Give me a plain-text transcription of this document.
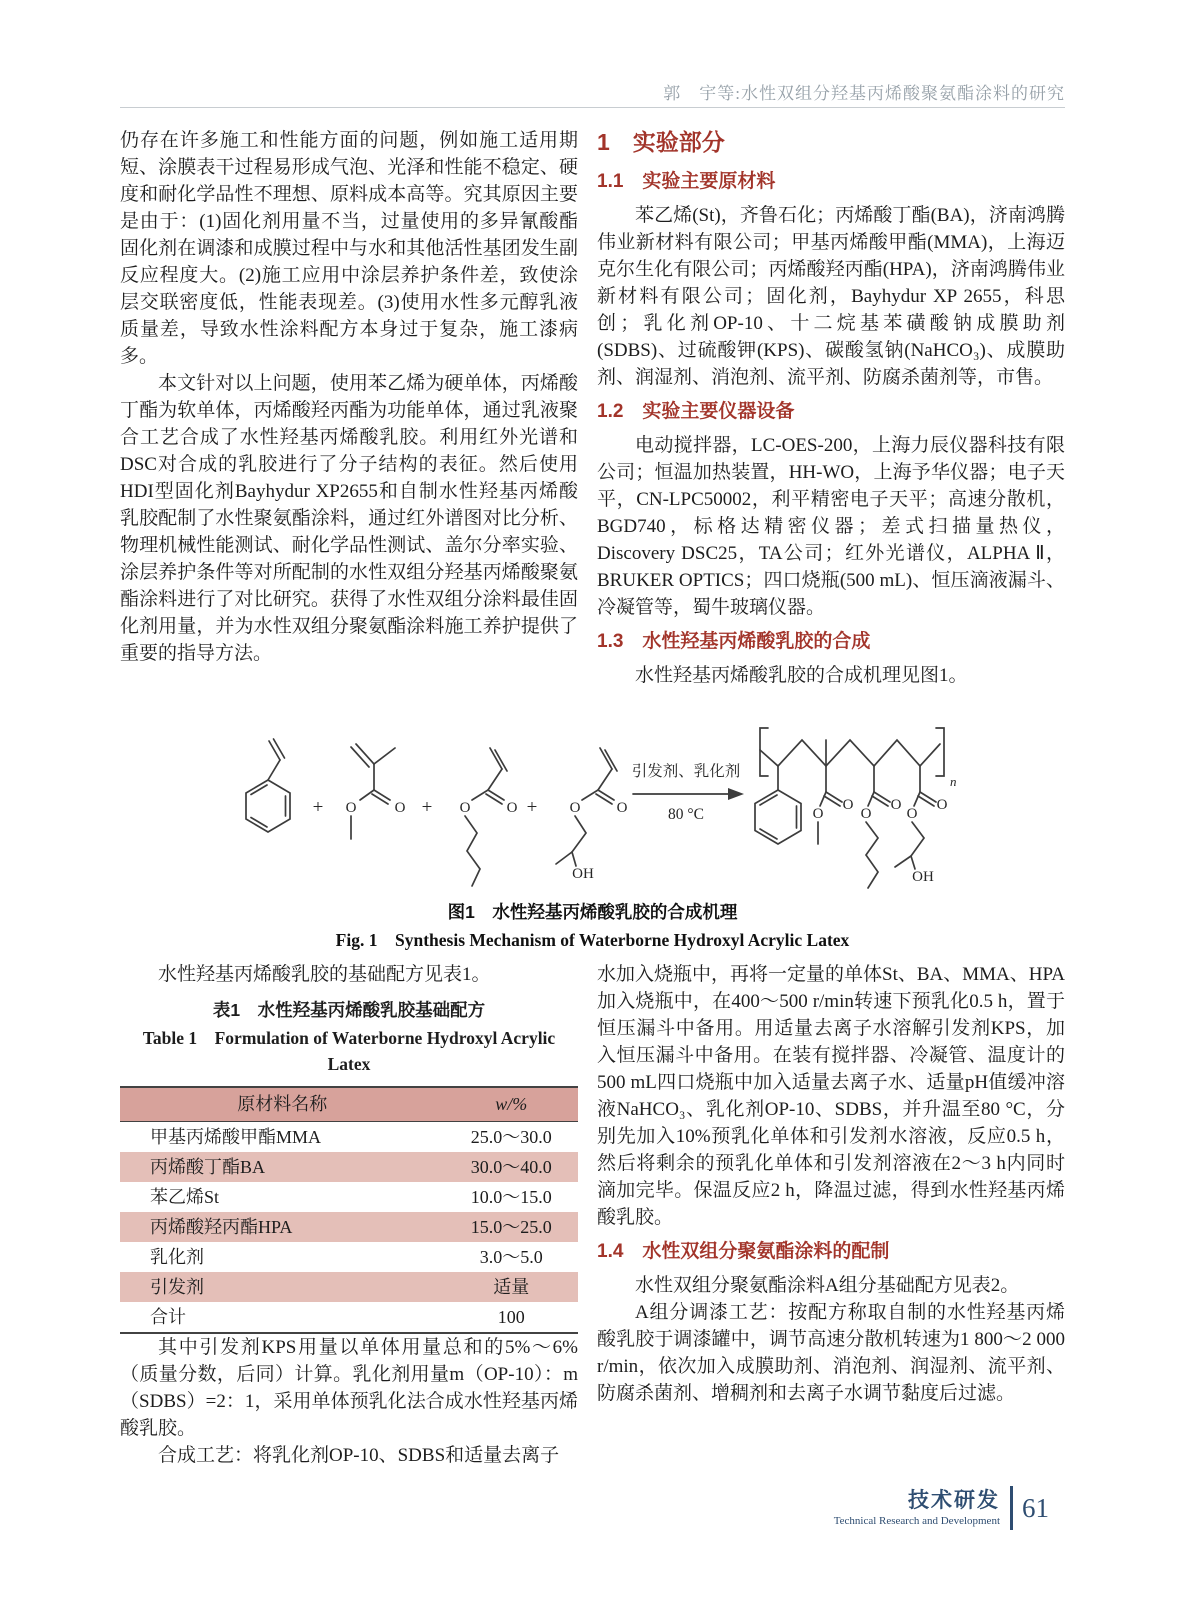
郭　宇等:水性双组分羟基丙烯酸聚氨酯涂料的研究

仍存在许多施工和性能方面的问题，例如施工适用期短、涂膜表干过程易形成气泡、光泽和性能不稳定、硬度和耐化学品性不理想、原料成本高等。究其原因主要是由于：(1)固化剂用量不当，过量使用的多异氰酸酯固化剂在调漆和成膜过程中与水和其他活性基团发生副反应程度大。(2)施工应用中涂层养护条件差，致使涂层交联密度低，性能表现差。(3)使用水性多元醇乳液质量差，导致水性涂料配方本身过于复杂，施工漆病多。

本文针对以上问题，使用苯乙烯为硬单体，丙烯酸丁酯为软单体，丙烯酸羟丙酯为功能单体，通过乳液聚合工艺合成了水性羟基丙烯酸乳胶。利用红外光谱和DSC对合成的乳胶进行了分子结构的表征。然后使用HDI型固化剂Bayhydur XP2655和自制水性羟基丙烯酸乳胶配制了水性聚氨酯涂料，通过红外谱图对比分析、物理机械性能测试、耐化学品性测试、盖尔分率实验、涂层养护条件等对所配制的水性双组分羟基丙烯酸聚氨酯涂料进行了对比研究。获得了水性双组分涂料最佳固化剂用量，并为水性双组分聚氨酯涂料施工养护提供了重要的指导方法。

1　实验部分
1.1　实验主要原材料

苯乙烯(St)，齐鲁石化；丙烯酸丁酯(BA)，济南鸿腾伟业新材料有限公司；甲基丙烯酸甲酯(MMA)，上海迈克尔生化有限公司；丙烯酸羟丙酯(HPA)，济南鸿腾伟业新材料有限公司；固化剂，Bayhydur XP 2655，科思创；乳化剂OP-10、十二烷基苯磺酸钠成膜助剂(SDBS)、过硫酸钾(KPS)、碳酸氢钠(NaHCO₃)、成膜助剂、润湿剂、消泡剂、流平剂、防腐杀菌剂等，市售。

1.2　实验主要仪器设备

电动搅拌器，LC-OES-200，上海力辰仪器科技有限公司；恒温加热装置，HH-WO，上海予华仪器；电子天平，CN-LPC50002，利平精密电子天平；高速分散机，BGD740，标格达精密仪器；差式扫描量热仪，Discovery DSC25，TA公司；红外光谱仪，ALPHA Ⅱ，BRUKER OPTICS；四口烧瓶(500 mL)、恒压滴液漏斗、冷凝管等，蜀牛玻璃仪器。

1.3　水性羟基丙烯酸乳胶的合成

水性羟基丙烯酸乳胶的合成机理见图1。

+ O	O + O O + O O
OH
引发剂、乳化剂
80 °C
n
O
O
O
O
O
O
OH
图1　水性羟基丙烯酸乳胶的合成机理
Fig. 1　Synthesis Mechanism of Waterborne Hydroxyl Acrylic Latex

水性羟基丙烯酸乳胶的基础配方见表1。

表1　水性羟基丙烯酸乳胶基础配方
Table 1　Formulation of Waterborne Hydroxyl Acrylic Latex
原材料名称	w/%
甲基丙烯酸甲酯MMA	25.0～30.0
丙烯酸丁酯BA	30.0～40.0
苯乙烯St	10.0～15.0
丙烯酸羟丙酯HPA	15.0～25.0
乳化剂	3.0～5.0
引发剂	适量
合计	100

其中引发剂KPS用量以单体用量总和的5%～6%（质量分数，后同）计算。乳化剂用量m（OP-10）：m（SDBS）=2：1，采用单体预乳化法合成水性羟基丙烯酸乳胶。

合成工艺：将乳化剂OP-10、SDBS和适量去离子

水加入烧瓶中，再将一定量的单体St、BA、MMA、HPA加入烧瓶中，在400～500 r/min转速下预乳化0.5 h，置于恒压漏斗中备用。用适量去离子水溶解引发剂KPS，加入恒压漏斗中备用。在装有搅拌器、冷凝管、温度计的500 mL四口烧瓶中加入适量去离子水、适量pH值缓冲溶液NaHCO₃、乳化剂OP-10、SDBS，并升温至80 °C，分别先加入10%预乳化单体和引发剂水溶液，反应0.5 h，然后将剩余的预乳化单体和引发剂溶液在2～3 h内同时滴加完毕。保温反应2 h，降温过滤，得到水性羟基丙烯酸乳胶。

1.4　水性双组分聚氨酯涂料的配制

水性双组分聚氨酯涂料A组分基础配方见表2。

A组分调漆工艺：按配方称取自制的水性羟基丙烯酸乳胶于调漆罐中，调节高速分散机转速为1 800～2 000 r/min，依次加入成膜助剂、消泡剂、润湿剂、流平剂、防腐杀菌剂、增稠剂和去离子水调节黏度后过滤。

技术研发
Technical Research and Development 61
